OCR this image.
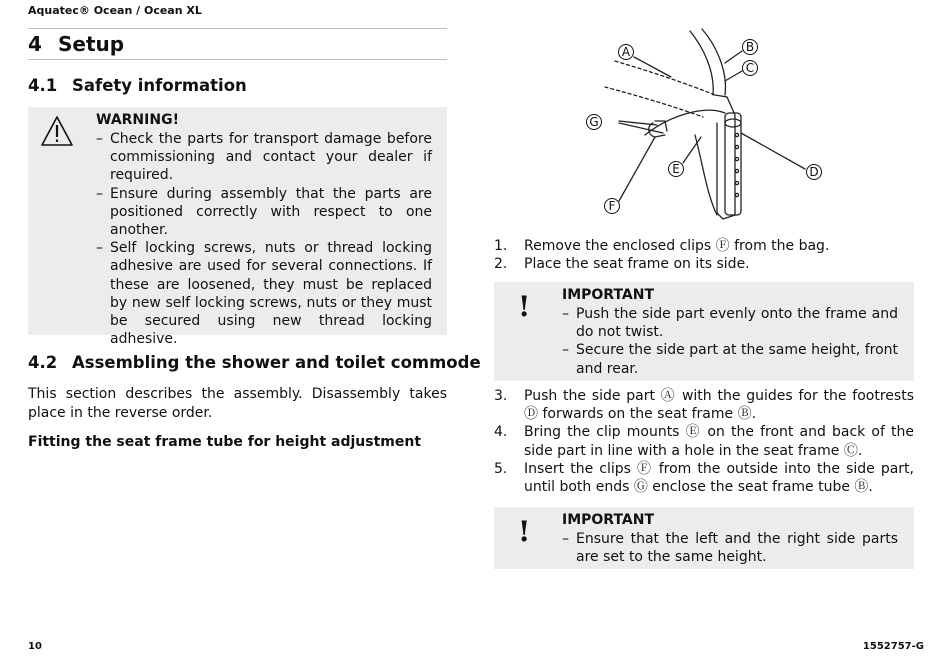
Aquatec® Ocean / Ocean XL
4 Setup
4.1 Safety information
WARNING!
– Check the parts for transport damage before commissioning and contact your dealer if required.
– Ensure during assembly that the parts are positioned correctly with respect to one another.
– Self locking screws, nuts or thread locking adhesive are used for several connections. If these are loosened, they must be replaced by new self locking screws, nuts or they must be secured using new thread locking adhesive.
4.2 Assembling the shower and toilet commode
This section describes the assembly. Disassembly takes place in the reverse order.
Fitting the seat frame tube for height adjustment
A	B
C
D
E
F
G
1. Remove the enclosed clips Ⓕ from the bag.
2. Place the seat frame on its side.
! IMPORTANT
– Push the side part evenly onto the frame and do not twist.
– Secure the side part at the same height, front and rear.
3. Push the side part Ⓐ with the guides for the footrests Ⓓ forwards on the seat frame Ⓑ.
4. Bring the clip mounts Ⓔ on the front and back of the side part in line with a hole in the seat frame Ⓒ.
5. Insert the clips Ⓕ from the outside into the side part, until both ends Ⓖ enclose the seat frame tube Ⓑ.
! IMPORTANT
– Ensure that the left and the right side parts are set to the same height.
10	1552757-G
